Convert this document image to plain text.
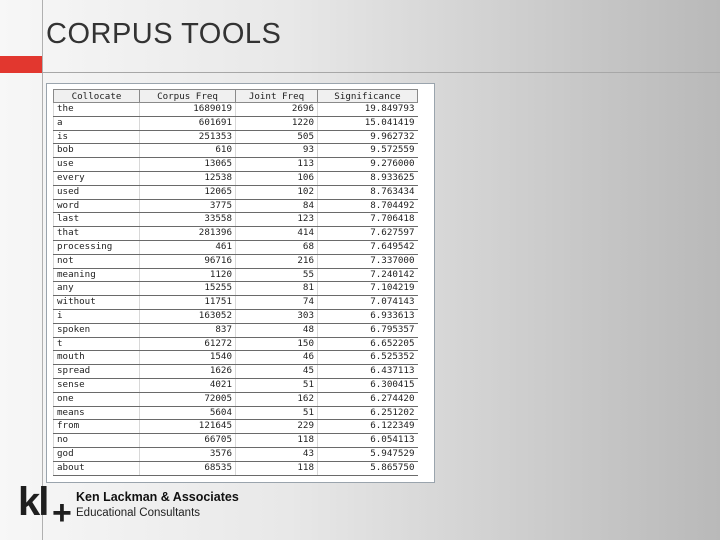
CORPUS TOOLS
Collocate	Corpus Freq	Joint Freq	Significance
the	1689019	2696	19.849793
a	601691	1220	15.041419
is	251353	505	9.962732
bob	610	93	9.572559
use	13065	113	9.276000
every	12538	106	8.933625
used	12065	102	8.763434
word	3775	84	8.704492
last	33558	123	7.706418
that	281396	414	7.627597
processing	461	68	7.649542
not	96716	216	7.337000
meaning	1120	55	7.240142
any	15255	81	7.104219
without	11751	74	7.074143
i	163052	303	6.933613
spoken	837	48	6.795357
t	61272	150	6.652205
mouth	1540	46	6.525352
spread	1626	45	6.437113
sense	4021	51	6.300415
one	72005	162	6.274420
means	5604	51	6.251202
from	121645	229	6.122349
no	66705	118	6.054113
god	3576	43	5.947529
about	68535	118	5.865750
kl + Ken Lackman & Associates
Educational Consultants
